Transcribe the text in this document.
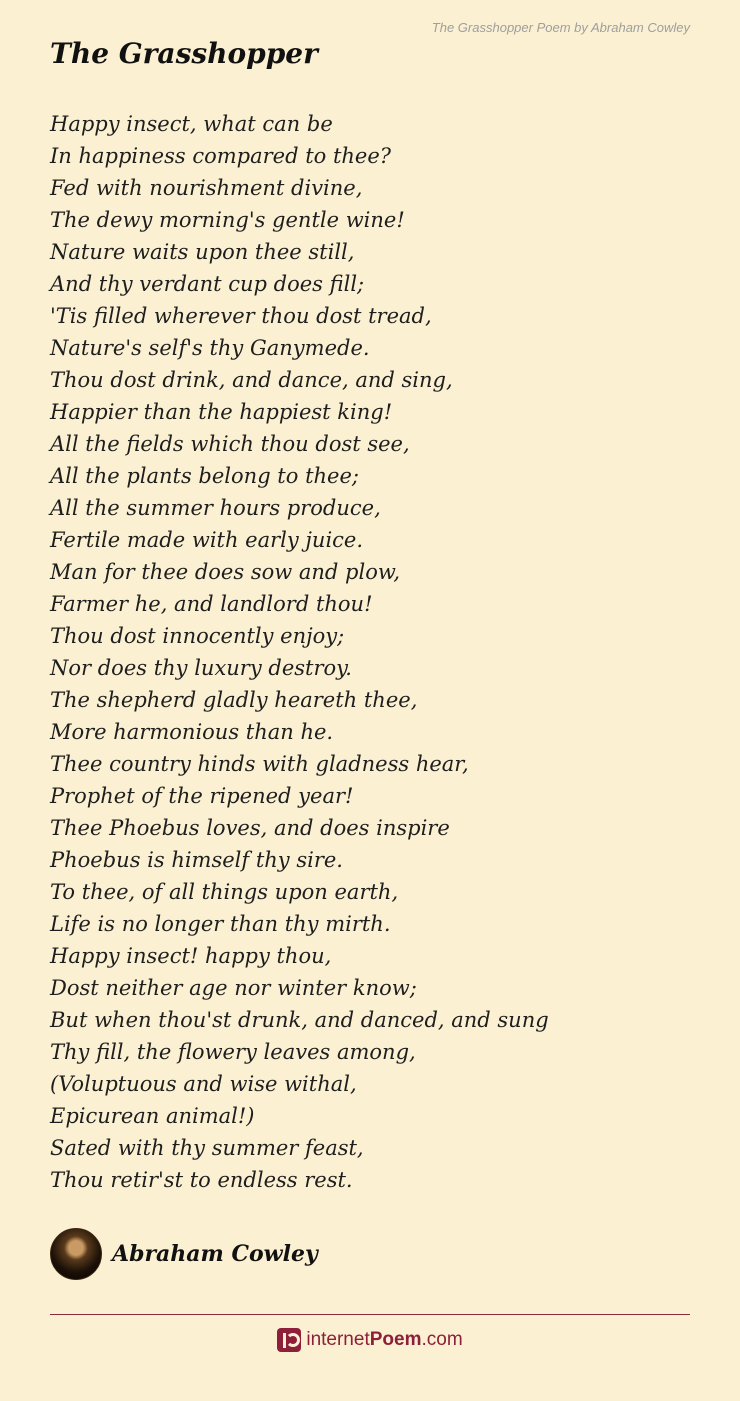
The Grasshopper Poem by Abraham Cowley
The Grasshopper
Happy insect, what can be
In happiness compared to thee?
Fed with nourishment divine,
The dewy morning's gentle wine!
Nature waits upon thee still,
And thy verdant cup does fill;
'Tis filled wherever thou dost tread,
Nature's self's thy Ganymede.
Thou dost drink, and dance, and sing,
Happier than the happiest king!
All the fields which thou dost see,
All the plants belong to thee;
All the summer hours produce,
Fertile made with early juice.
Man for thee does sow and plow,
Farmer he, and landlord thou!
Thou dost innocently enjoy;
Nor does thy luxury destroy.
The shepherd gladly heareth thee,
More harmonious than he.
Thee country hinds with gladness hear,
Prophet of the ripened year!
Thee Phoebus loves, and does inspire
Phoebus is himself thy sire.
To thee, of all things upon earth,
Life is no longer than thy mirth.
Happy insect! happy thou,
Dost neither age nor winter know;
But when thou'st drunk, and danced, and sung
Thy fill, the flowery leaves among,
(Voluptuous and wise withal,
Epicurean animal!)
Sated with thy summer feast,
Thou retir'st to endless rest.
Abraham Cowley
internetPoem.com
